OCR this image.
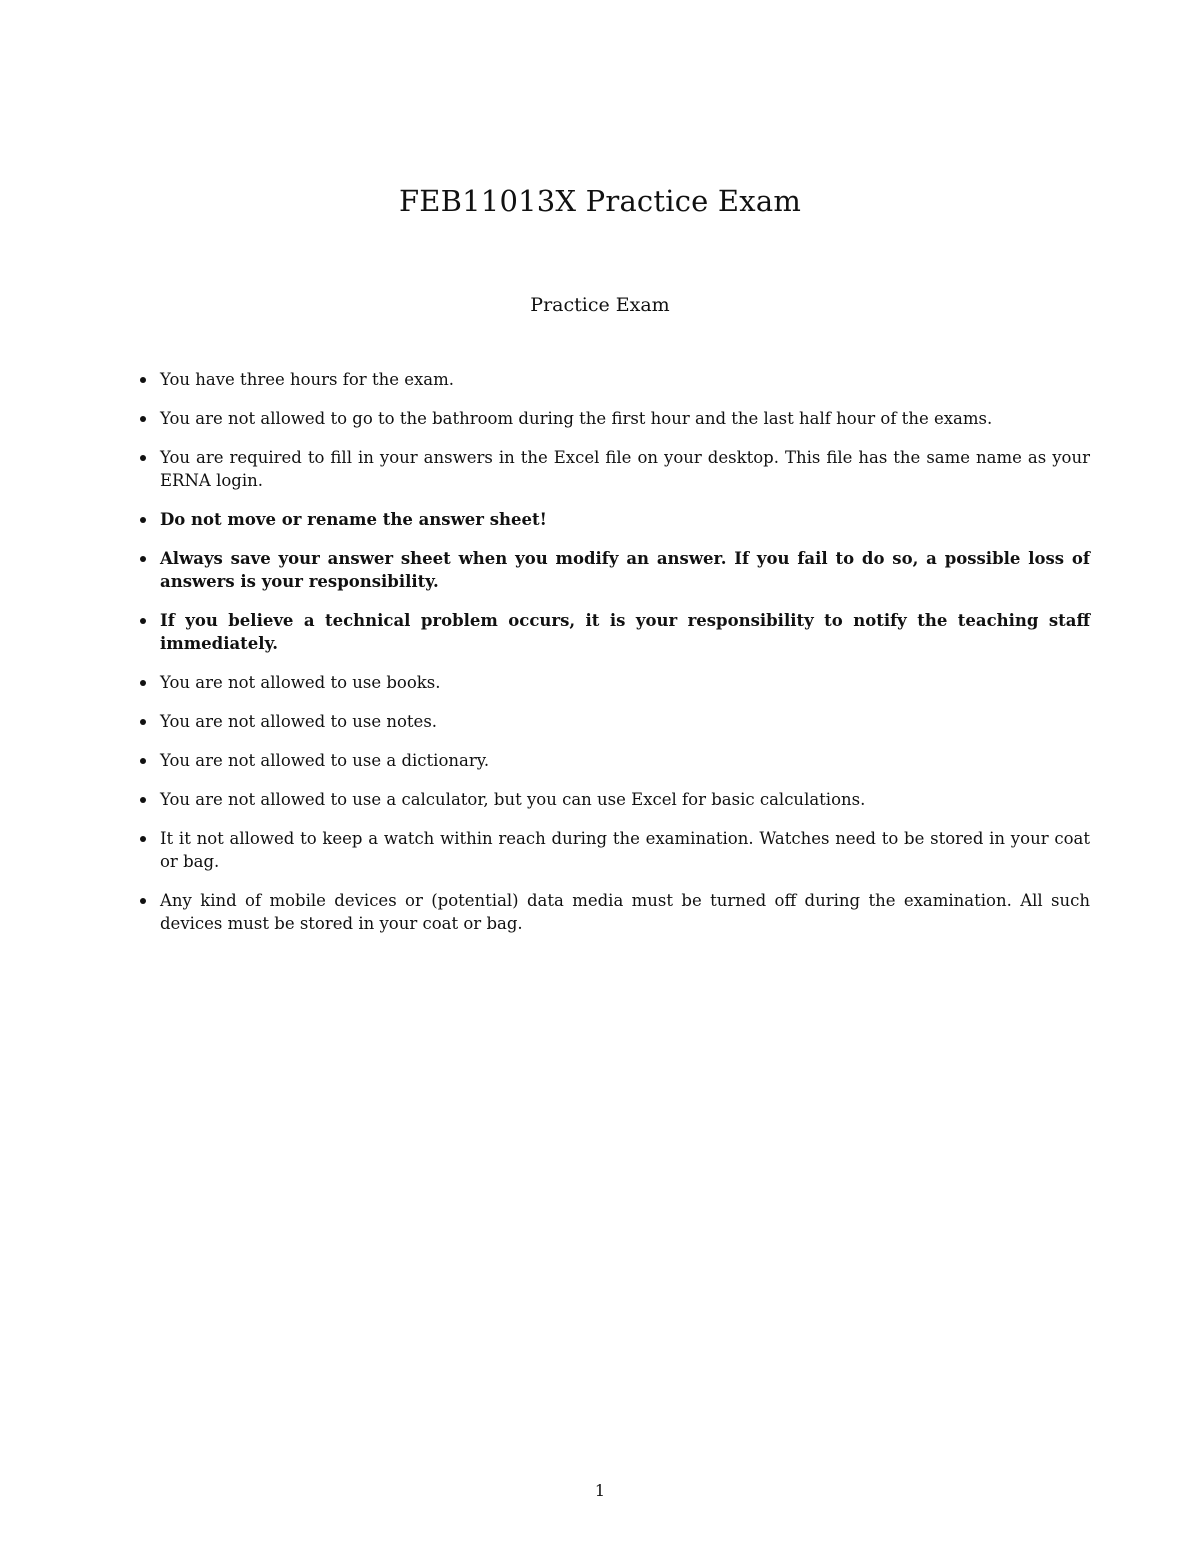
FEB11013X Practice Exam
Practice Exam
You have three hours for the exam.
You are not allowed to go to the bathroom during the first hour and the last half hour of the exams.
You are required to fill in your answers in the Excel file on your desktop. This file has the same name as your ERNA login.
Do not move or rename the answer sheet!
Always save your answer sheet when you modify an answer. If you fail to do so, a possible loss of answers is your responsibility.
If you believe a technical problem occurs, it is your responsibility to notify the teaching staff immediately.
You are not allowed to use books.
You are not allowed to use notes.
You are not allowed to use a dictionary.
You are not allowed to use a calculator, but you can use Excel for basic calculations.
It it not allowed to keep a watch within reach during the examination. Watches need to be stored in your coat or bag.
Any kind of mobile devices or (potential) data media must be turned off during the examination. All such devices must be stored in your coat or bag.
1
